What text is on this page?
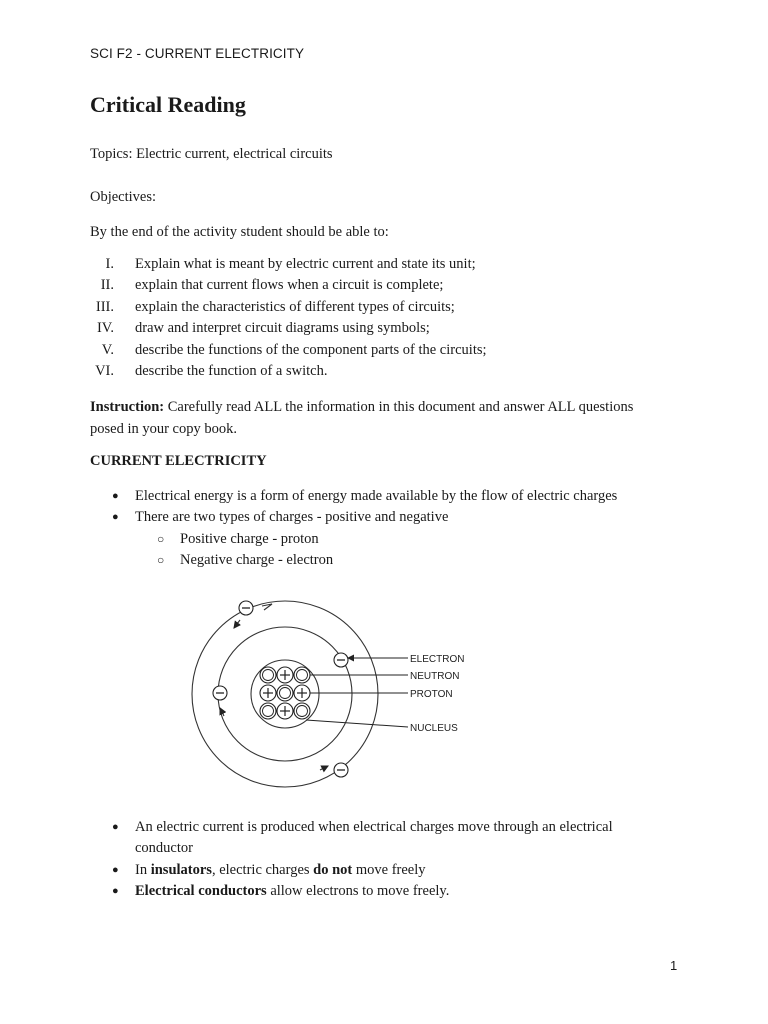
SCI F2 - CURRENT ELECTRICITY
Critical Reading
Topics: Electric current, electrical circuits
Objectives:
By the end of the activity student should be able to:
I. Explain what is meant by electric current and state its unit;
II. explain that current flows when a circuit is complete;
III. explain the characteristics of different types of circuits;
IV. draw and interpret circuit diagrams using symbols;
V. describe the functions of the component parts of the circuits;
VI. describe the function of a switch.

Instruction: Carefully read ALL the information in this document and answer ALL questions posed in your copy book.

CURRENT ELECTRICITY
● Electrical energy is a form of energy made available by the flow of electric charges
● There are two types of charges - positive and negative
○ Positive charge - proton
○ Negative charge - electron
ELECTRON
NEUTRON
PROTON
NUCLEUS
● An electric current is produced when electrical charges move through an electrical conductor
● In insulators, electric charges do not move freely
● Electrical conductors allow electrons to move freely.
1
